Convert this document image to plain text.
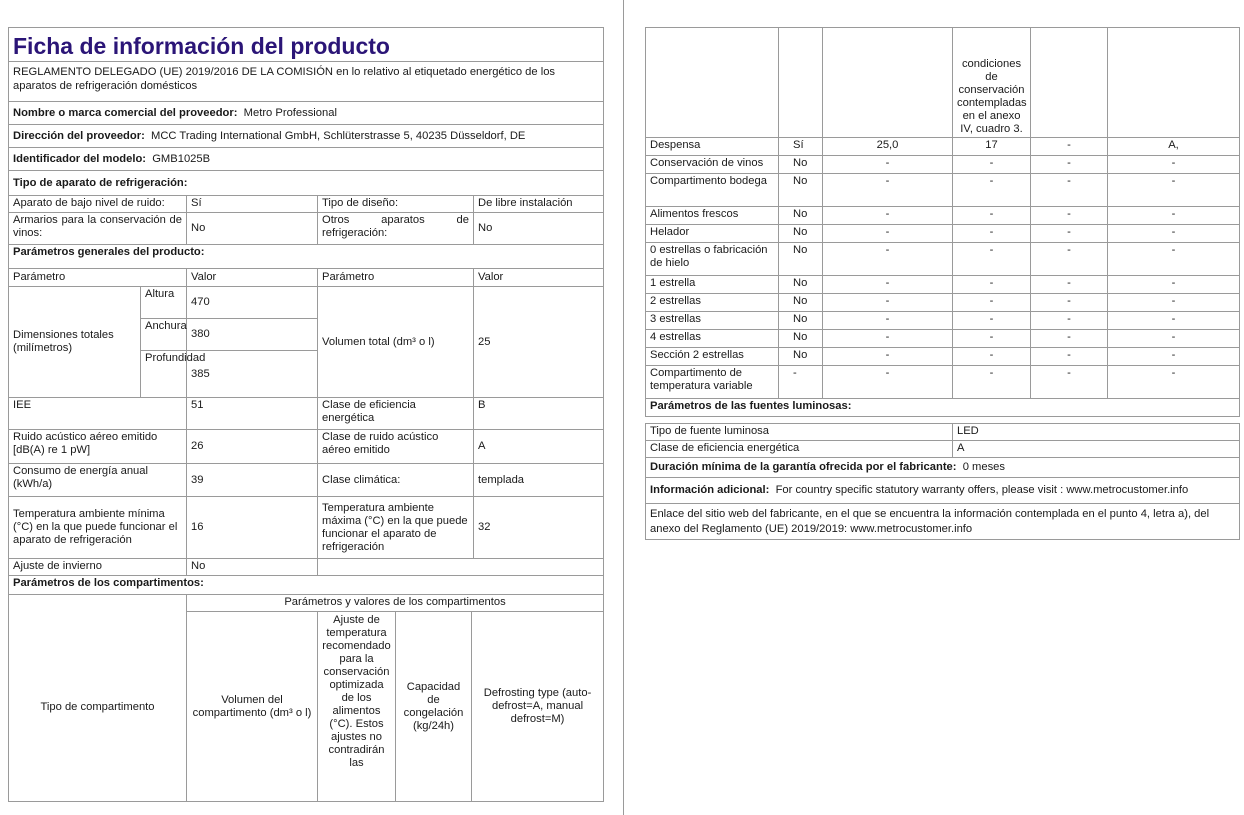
Ficha de información del producto				
REGLAMENTO DELEGADO (UE) 2019/2016 DE LA COMISIÓN en lo relativo al etiquetado energético de los aparatos de refrigeración domésticos				
Nombre o marca comercial del proveedor: Metro Professional				
Dirección del proveedor: MCC Trading International GmbH, Schlüterstrasse 5, 40235 Düsseldorf, DE				
Identificador del modelo: GMB1025B				
Tipo de aparato de refrigeración:				
Aparato de bajo nivel de ruido:		Sí	Tipo de diseño:	De libre instalación
Armarios para la conservación de vinos:		No	Otros aparatos de refrigeración:	No
Parámetros generales del producto:				
Parámetro		Valor	Parámetro	Valor
Dimensiones totales (milímetros)	Altura	470	Volumen total (dm³ o l)	25
	Anchura	380		
	Profundidad	385		
IEE		51	Clase de eficiencia energética	B
Ruido acústico aéreo emitido [dB(A) re 1 pW]		26	Clase de ruido acústico aéreo emitido	A
Consumo de energía anual (kWh/a)		39	Clase climática:	templada
Temperatura ambiente mínima (°C) en la que puede funcionar el aparato de refrigeración		16	Temperatura ambiente máxima (°C) en la que puede funcionar el aparato de refrigeración	32
Ajuste de invierno		No		
Parámetros de los compartimentos:				
Tipo de compartimento	Parámetros y valores de los compartimentos			
	Volumen del compartimento (dm³ o l)	Ajuste de temperatura recomendado para la conservación optimizada de los alimentos (°C). Estos ajustes no contradirán las	Capacidad de congelación (kg/24h)	Defrosting type (auto-defrost=A, manual defrost=M)
			condiciones de conservación contempladas en el anexo IV, cuadro 3.		
Despensa	Sí	25,0	17	-	A,
Conservación de vinos	No	-	-	-	-
Compartimento bodega	No	-	-	-	-
Alimentos frescos	No	-	-	-	-
Helador	No	-	-	-	-
0 estrellas o fabricación de hielo	No	-	-	-	-
1 estrella	No	-	-	-	-
2 estrellas	No	-	-	-	-
3 estrellas	No	-	-	-	-
4 estrellas	No	-	-	-	-
Sección 2 estrellas	No	-	-	-	-
Compartimento de temperatura variable	-	-	-	-	-
Parámetros de las fuentes luminosas:					
Tipo de fuente luminosa	LED
Clase de eficiencia energética	A
Duración mínima de la garantía ofrecida por el fabricante: 0 meses	
Información adicional: For country specific statutory warranty offers, please visit : www.metrocustomer.info	
Enlace del sitio web del fabricante, en el que se encuentra la información contemplada en el punto 4, letra a), del anexo del Reglamento (UE) 2019/2019: www.metrocustomer.info	
